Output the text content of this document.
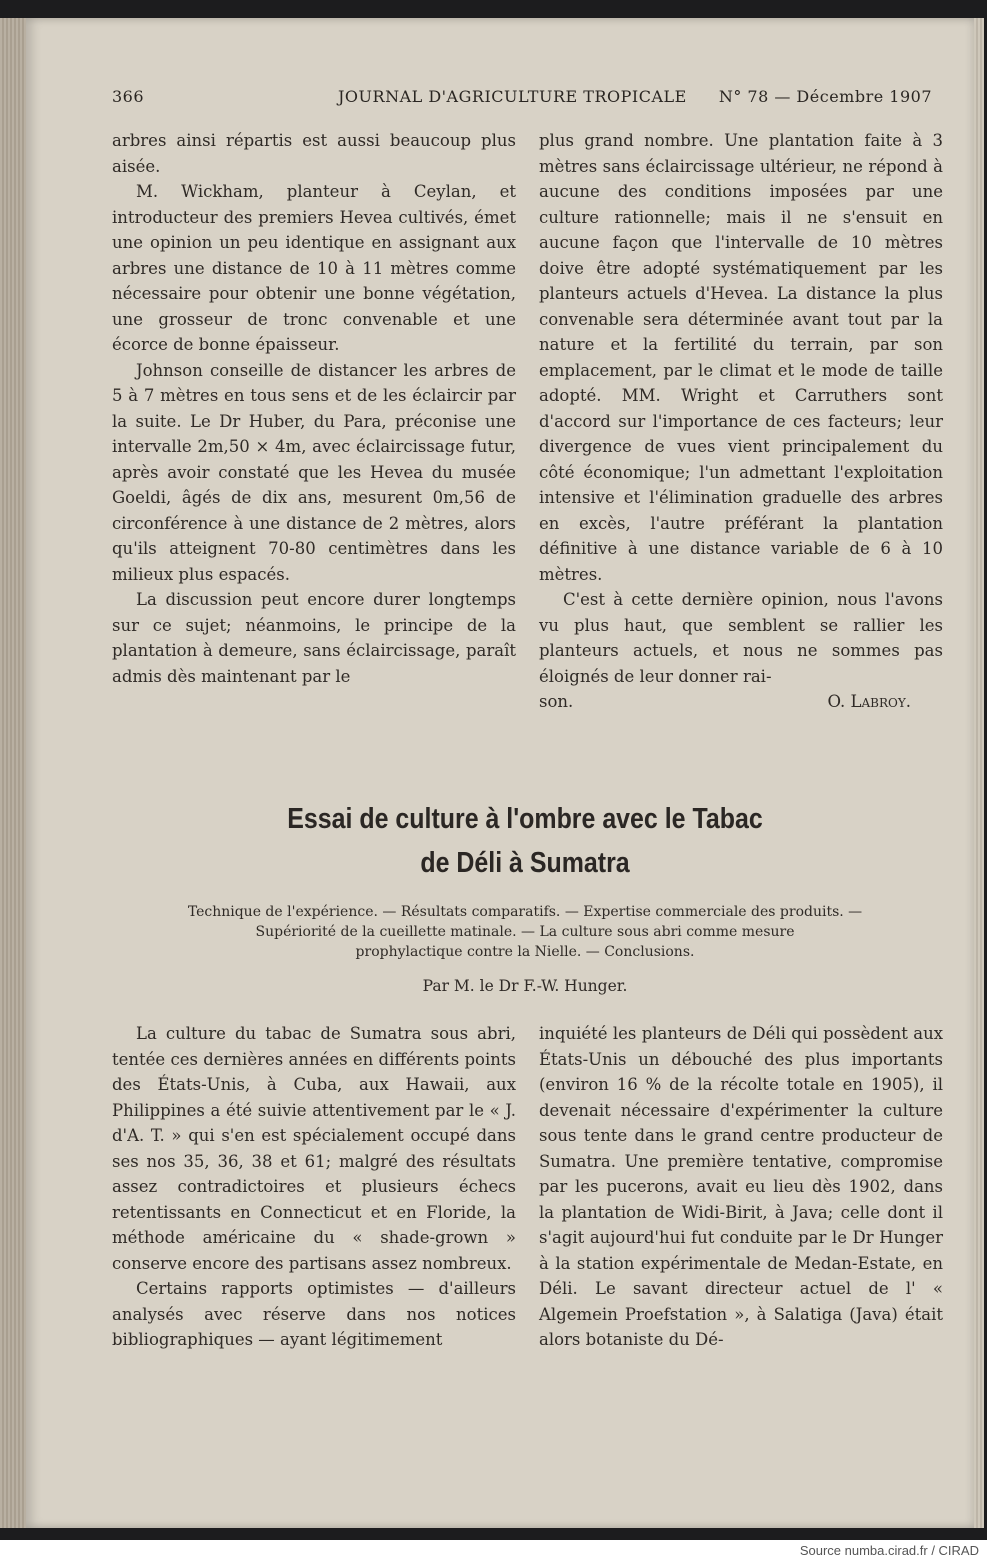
366	JOURNAL D'AGRICULTURE TROPICALE N° 78 — Décembre 1907

arbres ainsi répartis est aussi beaucoup plus aisée.

M. Wickham, planteur à Ceylan, et introducteur des premiers Hevea cultivés, émet une opinion un peu identique en assignant aux arbres une distance de 10 à 11 mètres comme nécessaire pour obtenir une bonne végétation, une grosseur de tronc convenable et une écorce de bonne épaisseur.

Johnson conseille de distancer les arbres de 5 à 7 mètres en tous sens et de les éclaircir par la suite. Le Dr Huber, du Para, préconise une intervalle 2m,50 × 4m, avec éclaircissage futur, après avoir constaté que les Hevea du musée Goeldi, âgés de dix ans, mesurent 0m,56 de circonférence à une distance de 2 mètres, alors qu'ils atteignent 70-80 centimètres dans les milieux plus espacés.

La discussion peut encore durer longtemps sur ce sujet; néanmoins, le principe de la plantation à demeure, sans éclaircissage, paraît admis dès maintenant par le

plus grand nombre. Une plantation faite à 3 mètres sans éclaircissage ultérieur, ne répond à aucune des conditions imposées par une culture rationnelle; mais il ne s'ensuit en aucune façon que l'intervalle de 10 mètres doive être adopté systématiquement par les planteurs actuels d'Hevea. La distance la plus convenable sera déterminée avant tout par la nature et la fertilité du terrain, par son emplacement, par le climat et le mode de taille adopté. MM. Wright et Carruthers sont d'accord sur l'importance de ces facteurs; leur divergence de vues vient principalement du côté économique; l'un admettant l'exploitation intensive et l'élimination graduelle des arbres en excès, l'autre préférant la plantation définitive à une distance variable de 6 à 10 mètres.

C'est à cette dernière opinion, nous l'avons vu plus haut, que semblent se rallier les planteurs actuels, et nous ne sommes pas éloignés de leur donner rai-

son.	O. Labroy.
Essai de culture à l'ombre avec le Tabac
de Déli à Sumatra
Technique de l'expérience. — Résultats comparatifs. — Expertise commerciale des produits. —
Supériorité de la cueillette matinale. — La culture sous abri comme mesure
prophylactique contre la Nielle. — Conclusions.
Par M. le Dr F.-W. Hunger.

La culture du tabac de Sumatra sous abri, tentée ces dernières années en différents points des États-Unis, à Cuba, aux Hawaii, aux Philippines a été suivie attentivement par le « J. d'A. T. » qui s'en est spécialement occupé dans ses nos 35, 36, 38 et 61; malgré des résultats assez contradictoires et plusieurs échecs retentissants en Connecticut et en Floride, la méthode américaine du « shade-grown » conserve encore des partisans assez nombreux.

Certains rapports optimistes — d'ailleurs analysés avec réserve dans nos notices bibliographiques — ayant légitimement

inquiété les planteurs de Déli qui possèdent aux États-Unis un débouché des plus importants (environ 16 % de la récolte totale en 1905), il devenait nécessaire d'expérimenter la culture sous tente dans le grand centre producteur de Sumatra. Une première tentative, compromise par les pucerons, avait eu lieu dès 1902, dans la plantation de Widi-Birit, à Java; celle dont il s'agit aujourd'hui fut conduite par le Dr Hunger à la station expérimentale de Medan-Estate, en Déli. Le savant directeur actuel de l' « Algemein Proefstation », à Salatiga (Java) était alors botaniste du Dé-

Source numba.cirad.fr / CIRAD
